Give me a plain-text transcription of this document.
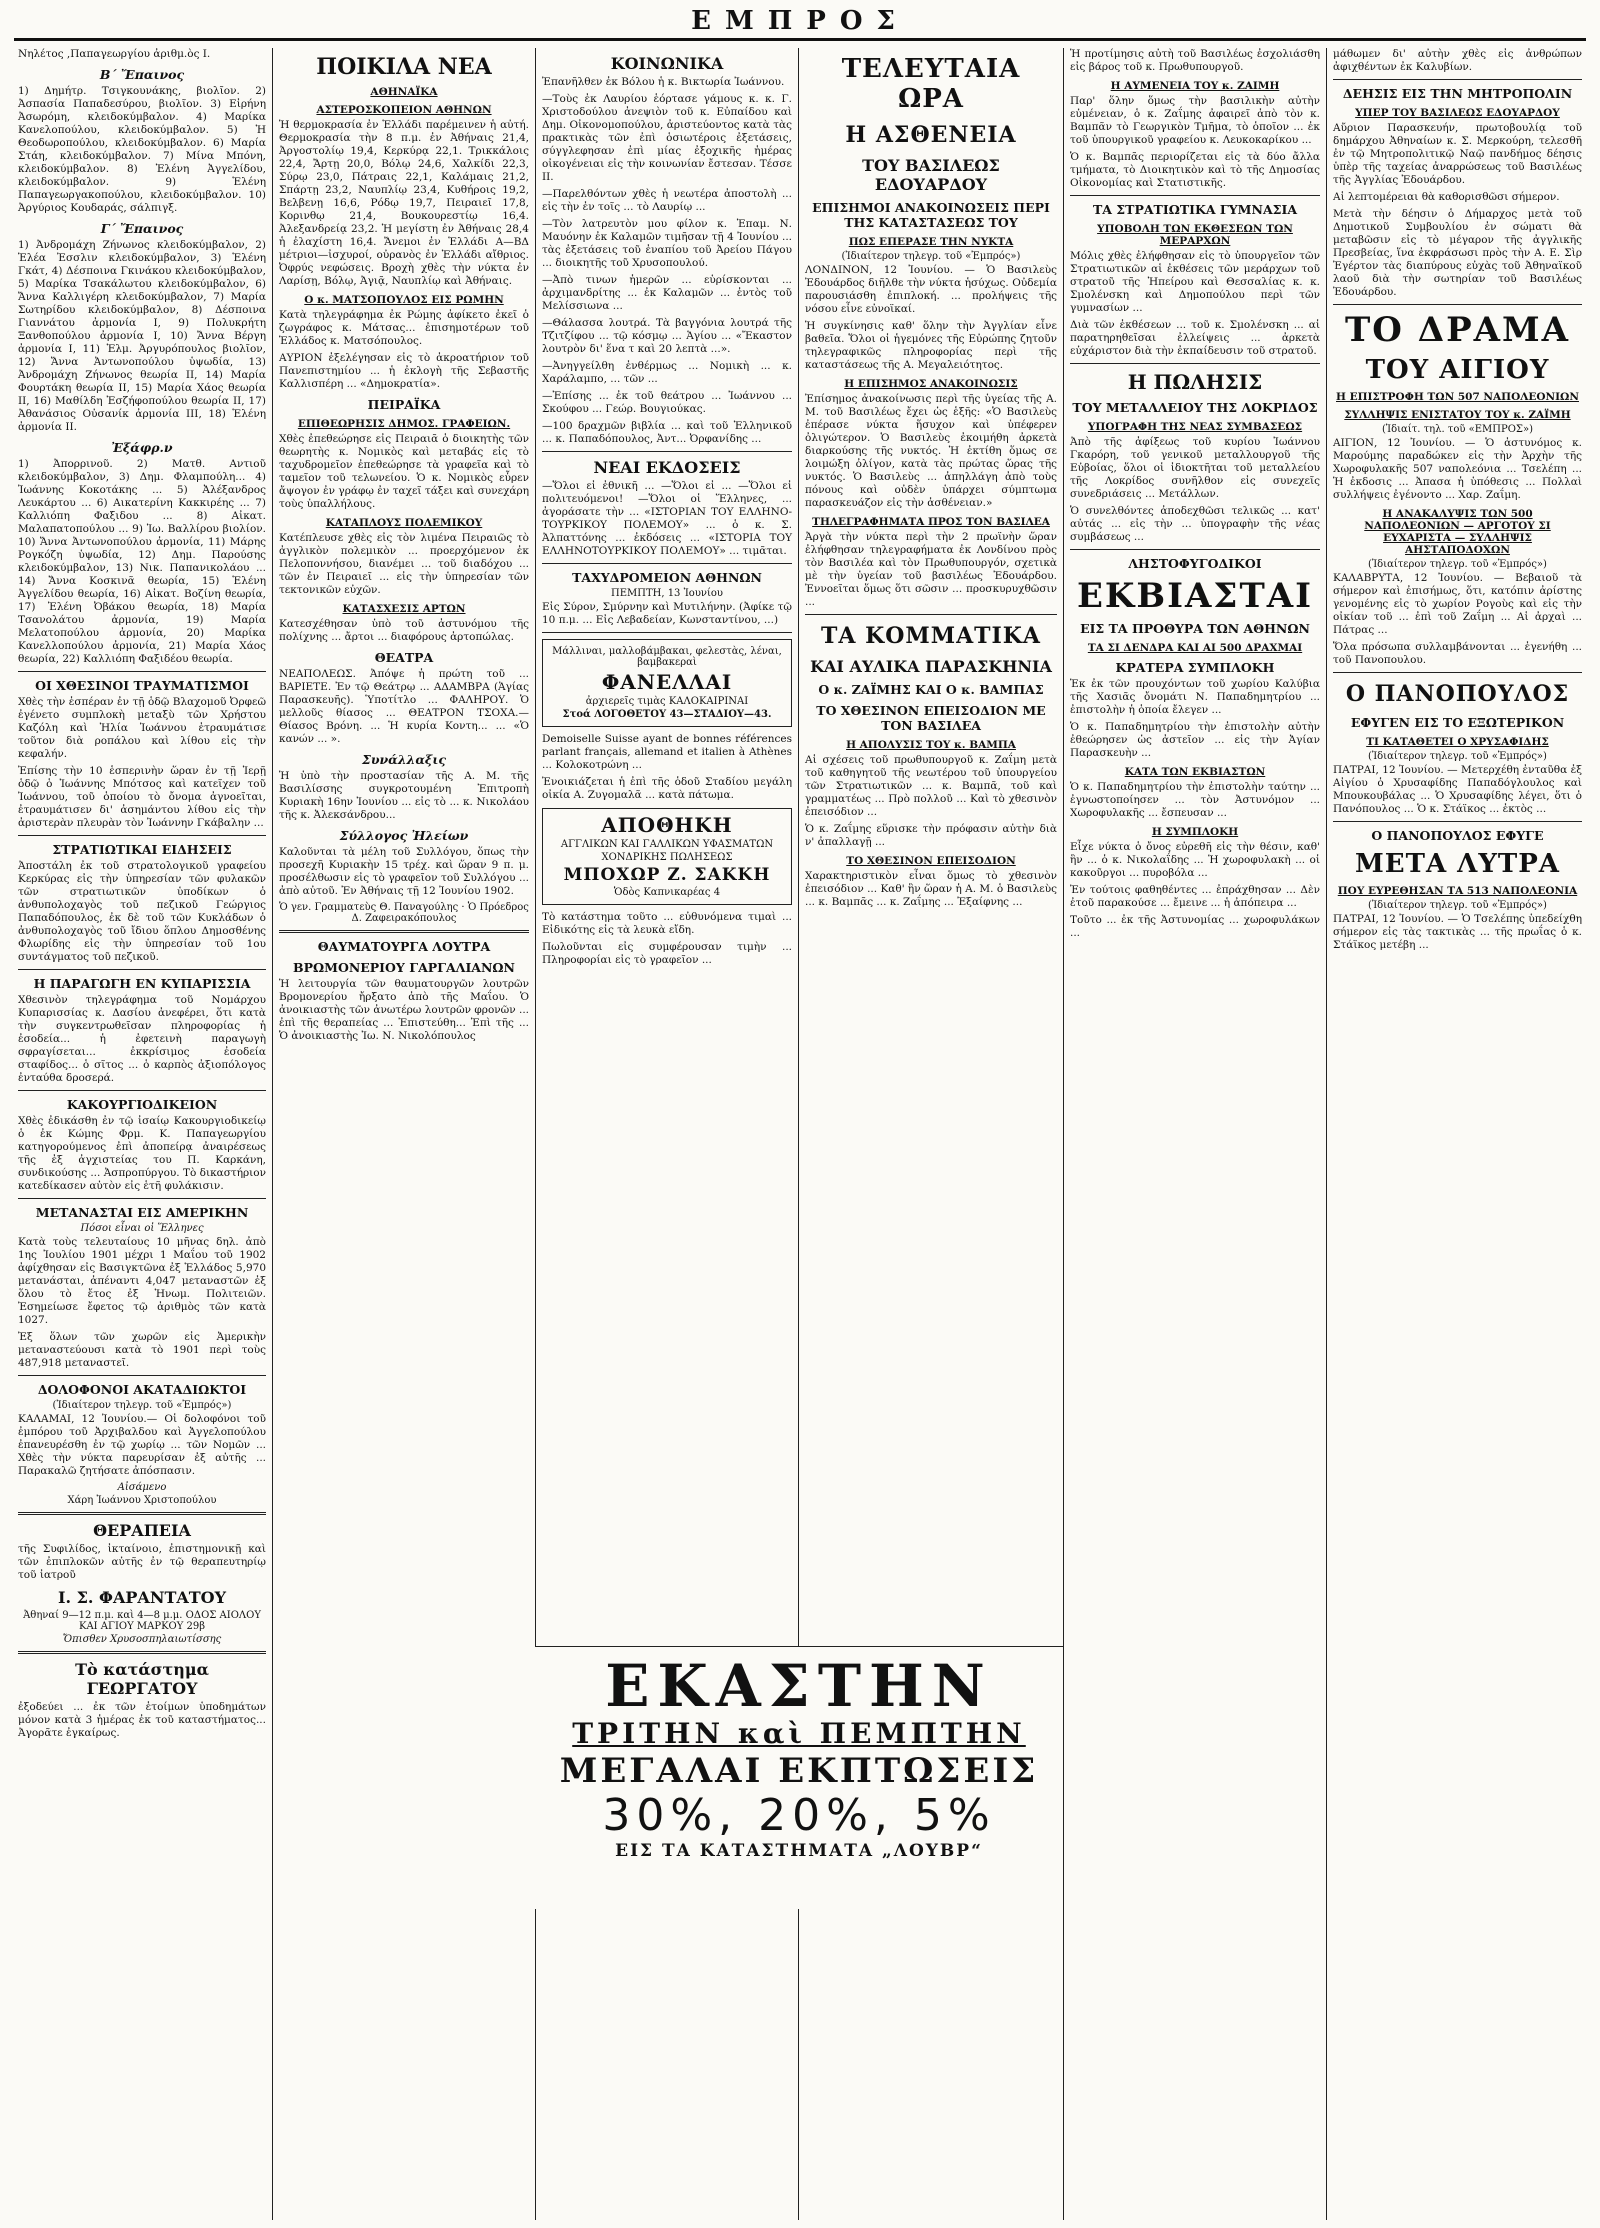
ΕΜΠΡΟΣ

Νηλέτος ,Παπαγεωργίου ἀριθμ.ὸς I.

Β΄ Ἔπαινος

1) Δημήτρ. Τσιγκουνάκης, βιολῖον. 2) Ἀσπασία Παπαδεσύρου, βιολῖον. 3) Εἰρήνη Ἀσωρόμη, κλειδοκύμβαλον. 4) Μαρίκα Κανελοπούλου, κλειδοκύμβαλον. 5) Ἡ Θεοδωροπούλου, κλειδοκύμβαλον. 6) Μαρία Στάη, κλειδοκύμβαλον. 7) Μίνα Μπόνη, κλειδοκύμβαλον. 8) Ἑλένη Ἀγγελίδου, κλειδοκύμβαλον. 9) Ἑλένη Παπαγεωργακοπούλου, κλειδοκύμβαλον. 10) Ἀργύριος Κουδαράς, σάλπιγξ.

Γ΄ Ἔπαινος

1) Ἀνδρομάχη Ζήνωνος κλειδοκύμβαλον, 2) Ἑλέα Ἐσσλιν κλειδοκύμβαλον, 3) Ἑλένη Γκάτ, 4) Δέσποινα Γκινάκου κλειδοκύμβαλον, 5) Μαρίκα Τσακάλωτου κλειδοκύμβαλον, 6) Ἄννα Καλλιγέρη κλειδοκύμβαλον, 7) Μαρία Σωτηρίδου κλειδοκύμβαλον, 8) Δέσποινα Γιαννάτου ἀρμονία I, 9) Πολυκρήτη Ξανθοπούλου ἀρμονία I, 10) Ἄννα Βέργη ἀρμονία I, 11) Ἑλμ. Ἀργυρόπουλος βιολῖον, 12) Ἄννα Ἀντωνοπούλου ὑψωδία, 13) Ἀνδρομάχη Ζήνωνος θεωρία II, 14) Μαρία Φουρτάκη θεωρία II, 15) Μαρία Χάος θεωρία II, 16) Μαθίλδη Ἐσζήφοπούλου θεωρία II, 17) Ἀθανάσιος Οὐσανίκ ἀρμονία III, 18) Ἑλένη ἀρμονία II.

Ἐξάφρ.ν

1) Ἀπορρινοῦ. 2) Ματθ. Αντιοῦ κλειδοκύμβαλον, 3) Δημ. Φλαμπούλη... 4) Ἰωάννης Κοκοτάκης ... 5) Ἀλέξανδρος Λευκάρτου ... 6) Αικατερίνη Κακκιρέης ... 7) Καλλιόπη Φαξιδου ... 8) Αἰκατ. Μαλαπατοπούλου ... 9) Ἰω. Βαλλίρου βιολίον. 10) Ἄννα Ἀντωνοπούλου ἀρμονία, 11) Μάρης Ρογκόζη ὑψωδία, 12) Δημ. Παρούσης κλειδοκύμβαλον, 13) Νικ. Παπανικολάου ... 14) Ἄννα Κοσκινᾶ θεωρία, 15) Ἑλένη Ἀγγελίδου θεωρία, 16) Αἰκατ. Βοζίνη θεωρία, 17) Ἐλένη Ὀβάκου θεωρία, 18) Μαρία Τσανολάτου ἀρμονία, 19) Μαρία Μελατοπούλου ἀρμονία, 20) Μαρίκα Κανελλοπούλου ἀρμονία, 21) Μαρία Χάος θεωρία, 22) Καλλιόπη Φαξιδέου θεωρία.

ΟΙ ΧΘΕΣΙΝΟΙ ΤΡΑΥΜΑΤΙΣΜΟΙ

Χθὲς τὴν ἑσπέραν ἐν τῇ ὁδῷ Βλαχομοῦ Ὀρφεῶ ἐγένετο συμπλοκὴ μεταξὺ τῶν Χρήστου Καζόλη καὶ Ἠλία Ἰωάννου ἐτραυμάτισε τοῦτον διὰ ροπάλου καὶ λίθου εἰς τὴν κεφαλήν.

Ἐπίσης τὴν 10 ἑσπερινὴν ὥραν ἐν τῇ Ἱερῇ ὁδῷ ὁ Ἰωάννης Μπότσος καὶ κατεῖχεν τοῦ Ἰωάννου, τοῦ ὁποίου τὸ ὄνομα ἀγνοεῖται, ἐτραυμάτισεν δι' ἀσημάντου λίθου εἰς τὴν ἀριστερὰν πλευρὰν τὸν Ἰωάννην Γκάβαλην ...

ΣΤΡΑΤΙΩΤΙΚΑΙ ΕΙΔΗΣΕΙΣ

Ἀποστάλη ἐκ τοῦ στρατολογικοῦ γραφείου Κερκύρας εἰς τὴν ὑπηρεσίαν τῶν φυλακῶν τῶν στρατιωτικῶν ὑποδίκων ὁ ἀνθυπολοχαγὸς τοῦ πεζικοῦ Γεώργιος Παπαδόπουλος, ἐκ δὲ τοῦ τῶν Κυκλάδων ὁ ἀνθυπολοχαγὸς τοῦ ἴδιου ὅπλου Δημοσθένης Φλωρίδης εἰς τὴν ὑπηρεσίαν τοῦ 1ου συντάγματος τοῦ πεζικοῦ.

Η ΠΑΡΑΓΩΓΗ ΕΝ ΚΥΠΑΡΙΣΣΙΑ

Χθεσινὸν τηλεγράφημα τοῦ Νομάρχου Κυπαρισσίας κ. Δασίου ἀνεφέρει, ὅτι κατὰ τὴν συγκεντρωθεῖσαν πληροφορίας ἡ ἐσοδεία... ἡ ἐφετεινὴ παραγωγὴ σφραγίσεται... ἐκκρίσιμος ἐσοδεία σταφίδος... ὁ σῖτος ... ὁ καρπὸς ἀξιοπόλογος ἐνταύθα δροσερά.

ΚΑΚΟΥΡΓΙΟΔΙΚΕΙΟΝ

Χθὲς ἐδικάσθη ἐν τῷ ἰσαίῳ Κακουργιοδικείῳ ὁ ἐκ Κώμης Φρμ. Κ. Παπαγεωργίου κατηγορούμενος ἐπὶ ἀποπείρᾳ ἀναιρέσεως τῆς ἐξ ἀγχιστείας του Π. Καρκάνη, συνδικούσης ... Ἀσπροπύργου. Τὸ δικαστήριον κατεδίκασεν αὐτὸν εἰς ἑτῆ φυλάκισιν.

ΜΕΤΑΝΑΣΤΑΙ ΕΙΣ ΑΜΕΡΙΚΗΝ
Πόσοι εἶναι οἱ Ἕλληνες

Κατὰ τοὺς τελευταίους 10 μῆνας δηλ. ἀπὸ 1ης Ἰουλίου 1901 μέχρι 1 Μαΐου τοῦ 1902 ἀφίχθησαν εἰς Βασιγκτῶνα ἐξ Ἑλλάδος 5,970 μετανάσται, ἀπέναντι 4,047 μεταναστῶν ἐξ ὅλου τὸ ἔτος ἐξ Ἡνωμ. Πολιτειῶν. Ἐσημείωσε ἔφετος τῷ ἀριθμὸς τῶν κατὰ 1027.

Ἐξ ὅλων τῶν χωρῶν εἰς Ἀμερικὴν μεταναστεύουσι κατὰ τὸ 1901 περὶ τοὺς 487,918 μεταναστεῖ.

ΔΟΛΟΦΟΝΟΙ ΑΚΑΤΑΔΙΩΚΤΟΙ
(Ἰδιαίτερον τηλεγρ. τοῦ «Ἐμπρός»)

ΚΑΛΑΜΑΙ, 12 Ἰουνίου.— Οἱ δολοφόνοι τοῦ ἐμπόρου τοῦ Ἀρχιβαλδου καὶ Ἀγγελοπούλου ἐπανευρέσθη ἐν τῷ χωρίῳ ... τῶν Νομῶν ... Χθὲς τὴν νύκτα παρευρίσαν ἐξ αὐτῆς ... Παρακαλῶ ζητήσατε ἀπόσπασιν.

Αἰσάμενο
Χάρη Ἰωάννου Χριστοπούλου
ΘΕΡΑΠΕΙΑ

τῆς Συφιλίδος, ἰκταίνοιο, ἐπιστημονικῇ καὶ τῶν ἐπιπλοκῶν αὐτῆς ἐν τῷ θεραπευτηρίῳ τοῦ ἰατροῦ

Ι. Σ. ΦΑΡΑΝΤΑΤΟΥ
Ἀθηναί 9—12 π.μ. καὶ 4—8 μ.μ. ΟΔΟΣ ΑΙΟΛΟΥ ΚΑΙ ΑΓΙΟΥ ΜΑΡΚΟΥ 29β
Ὄπισθεν Χρυσοσπηλαιωτίσσης
Τὸ κατάστημα ΓΕΩΡΓΑΤΟΥ

ἐξοδεύει ... ἐκ τῶν ἑτοίμων ὑποδημάτων μόνον κατὰ 3 ἡμέρας ἐκ τοῦ καταστήματος... Ἀγορᾶτε ἐγκαίρως.

ΠΟΙΚΙΛΑ ΝΕΑ
ΑΘΗΝΑΪΚΑ
ΑΣΤΕΡΟΣΚΟΠΕΙΟΝ ΑΘΗΝΩΝ

Ἡ θερμοκρασία ἐν Ἑλλάδι παρέμεινεν ἡ αὐτή. Θερμοκρασία τὴν 8 π.μ. ἐν Ἀθήναις 21,4, Ἀργοστολίῳ 19,4, Κερκύρᾳ 22,1. Τρικκάλοις 22,4, Ἄρτῃ 20,0, Βόλῳ 24,6, Χαλκίδι 22,3, Σύρῳ 23,0, Πάτραις 22,1, Καλάμαις 21,2, Σπάρτῃ 23,2, Ναυπλίῳ 23,4, Κυθήροις 19,2, Βελβενῃ 16,6, Ρόδῳ 19,7, Πειραιεῖ 17,8, Κορινθῳ 21,4, Βουκουρεστίῳ 16,4. Ἀλεξανδρείᾳ 23,2. Ἡ μεγίστη ἐν Ἀθήναις 28,4 ἡ ἐλαχίστη 16,4. Ἄνεμοι ἐν Ἑλλάδι Α—ΒΔ μέτριοι—ἰσχυροί, οὐρανὸς ἐν Ἑλλάδι αἴθριος. Ὀφρύς νεφώσεις. Βροχὴ χθὲς τὴν νύκτα ἐν Λαρίσῃ, Βόλῳ, Ἀγιᾷ, Ναυπλίῳ καὶ Ἀθήναις.

Ο κ. ΜΑΤΣΟΠΟΥΛΟΣ ΕΙΣ ΡΩΜΗΝ

Κατὰ τηλεγράφημα ἐκ Ρώμης ἀφίκετο ἐκεῖ ὁ ζωγράφος κ. Μάτσας... ἐπισημοτέρων τοῦ Ἑλλάδος κ. Ματσόπουλος.

ΑΥΡΙΟΝ ἐξελέγησαν εἰς τὸ ἀκροατήριον τοῦ Πανεπιστημίου ... ἡ ἐκλογὴ τῆς Σεβαστῆς Καλλισπέρη ... «Δημοκρατία».

ΠΕΙΡΑΪΚΑ
ΕΠΙΘΕΩΡΗΣΙΣ ΔΗΜΟΣ. ΓΡΑΦΕΙΩΝ.

Χθὲς ἐπεθεώρησε εἰς Πειραιᾶ ὁ διοικητὴς τῶν θεωρητὴς κ. Νομικὸς καὶ μεταβάς εἰς τὸ ταχυδρομεῖον ἐπεθεώρησε τὰ γραφεῖα καὶ τὸ ταμεῖον τοῦ τελωνείου. Ὁ κ. Νομικὸς εὗρεν ἄψογον ἐν γράφῳ ἐν ταχεῖ τάξει καὶ συνεχάρη τοὺς ὑπαλλήλους.

ΚΑΤΑΠΛΟΥΣ ΠΟΛΕΜΙΚΟΥ

Κατέπλευσε χθὲς εἰς τὸν λιμένα Πειραιῶς τὸ ἀγγλικὸν πολεμικὸν ... προερχόμενον ἐκ Πελοποννήσου, διανέμει ... τοῦ διαδόχου ... τῶν ἐν Πειραιεῖ ... εἰς τὴν ὑπηρεσίαν τῶν τεκτονικῶν εὐχῶν.

ΚΑΤΑΣΧΕΣΙΣ ΑΡΤΩΝ

Κατεσχέθησαν ὑπὸ τοῦ ἀστυνόμου τῆς πολίχνης ... ἄρτοι ... διαφόρους ἀρτοπώλας.

ΘΕΑΤΡΑ

ΝΕΑΠΟΛΕΩΣ. Ἀπόψε ἡ πρώτη τοῦ ... ΒΑΡΙΕΤΕ. Ἐν τῷ Θεάτρῳ ... ΑΔΑΜΒΡΑ (Ἁγίας Παρασκευῆς). Ὑποτίτλο ... ΦΑΛΗΡΟΥ. Ὁ μελλοῦς θίασος ... ΘΕΑΤΡΟΝ ΤΣΟΧΑ.—Θίασος Βρόνη. ... Ἡ κυρία Κοντη... ... «Ὁ κανών ... ».

Συνάλλαξις

Ἡ ὑπὸ τὴν προστασίαν τῆς Α. Μ. τῆς Βασιλίσσης συγκροτουμένη Ἐπιτροπὴ Κυριακὴ 16ην Ἰουνίου ... εἰς τὸ ... κ. Νικολάου τῆς κ. Ἀλεκσάνδρου...

Σύλλογος Ἠλείων

Καλοῦνται τὰ μέλη τοῦ Συλλόγου, ὅπως τὴν προσεχῆ Κυριακὴν 15 τρέχ. καὶ ὥραν 9 π. μ. προσέλθωσιν εἰς τὸ γραφεῖον τοῦ Συλλόγου ... ἀπὸ αὐτοῦ. Ἐν Ἀθήναις τῇ 12 Ἰουνίου 1902.

Ὁ γεν. Γραμματεὺς Θ. Παναγούλης · Ὁ Πρόεδρος Δ. Ζαφειρακόπουλος
ΘΑΥΜΑΤΟΥΡΓΑ ΛΟΥΤΡΑ
ΒΡΩΜΟΝΕΡΙΟΥ ΓΑΡΓΑΛΙΑΝΩΝ

Ἡ λειτουργία τῶν θαυματουργῶν λουτρῶν Βρομονερίου ἤρξατο ἀπὸ τῆς Μαΐου. Ὁ ἀνοικιαστὴς τῶν ἀνωτέρω λουτρῶν φρονῶν ... ἐπὶ τῆς θεραπείας ... Ἐπιστεύθη... Ἐπὶ τῆς ... Ὁ ἀνοικιαστὴς Ἰω. Ν. Νικολόπουλος

ΚΟΙΝΩΝΙΚΑ

Ἐπανῆλθεν ἐκ Βόλου ἡ κ. Βικτωρία Ἰωάννου.

—Τοὺς ἐκ Λαυρίου ἑόρτασε γάμους κ. κ. Γ. Χριστοδούλου ἀνεψιὸν τοῦ κ. Εὐπαίδου καὶ Δημ. Οἰκονομοπούλου, ἀριστεύοντος κατὰ τὰς πρακτικὰς τῶν ἐπὶ ὁσιωτέροις ἐξετάσεις, σύγγλεφησαν ἐπὶ μίας ἐξοχικῆς ἡμέρας οἰκογένειαι εἰς τὴν κοινωνίαν ἔστεσαν. Τέσσε ΙΙ.

—Παρελθόντων χθὲς ἡ νεωτέρα ἀποστολὴ ... εἰς τὴν ἐν τοῖς ... τὸ Λαυρίῳ ...

—Τὸν λατρευτὸν μου φίλον κ. Ἐπαμ. Ν. Μαυόνην ἐκ Καλαμῶν τιμῆσαν τῇ 4 Ἰουνίου ... τὰς ἐξετάσεις τοῦ ἐναπίου τοῦ Ἀρείου Πάγου ... διοικητῆς τοῦ Χρυσοπουλού.

—Ἀπὸ τινων ἡμερῶν ... εὑρίσκονται ... ἀρχιμανδρίτης ... ἐκ Καλαμῶν ... ἐντὸς τοῦ Μελίσσιωνα ...

—Θάλασσα λουτρά. Τὰ βαγγόνια λουτρά τῆς Τζιτζίφου ... τῷ κόσμῳ ... Ἁγίου ... «Ἔκαστον λουτρὸν δι' ἕνα τ καὶ 20 λεπτὰ ...».

—Ἀνηγγείλθη ἐνθέρμως ... Νομικὴ ... κ. Χαράλαμπο, ... τῶν ...

—Ἐπίσης ... ἐκ τοῦ θεάτρου ... Ἰωάννου ... Σκούφου ... Γεώρ. Βουγιούκας.

—100 δραχμῶν βιβλία ... καὶ τοῦ Ἑλληνικοῦ ... κ. Παπαδόπουλος, Ἀντ... Ὀρφανίδης ...

ΝΕΑΙ ΕΚΔΟΣΕΙΣ

—Ὅλοι εἰ ἐθνικῆ ... —Ὅλοι εἰ ... —Ὅλοι εἰ πολιτευόμενοι! —Ὅλοι οἱ Ἕλληνες, ... ἀγοράσατε τὴν ... «ΙΣΤΟΡΙΑΝ ΤΟΥ ΕΛΛΗΝΟ-ΤΟΥΡΚΙΚΟΥ ΠΟΛΕΜΟΥ» ... ὁ κ. Σ. Ἀλπαττόνης ... ἐκδόσεις ... «ΙΣΤΟΡΙΑ ΤΟΥ ΕΛΛΗΝΟΤΟΥΡΚΙΚΟΥ ΠΟΛΕΜΟΥ» ... τιμᾶται.

ΤΑΧΥΔΡΟΜΕΙΟΝ ΑΘΗΝΩΝ
ΠΕΜΠΤΗ, 13 Ἰουνίου

Εἰς Σύρον, Σμύρνην καὶ Μυτιλήνην. (Ἀφίκε τῷ 10 π.μ. ... Εἰς Λεβαδείαν, Κωνσταντίνου, ...)

Μάλλιναι, μαλλοβάμβακαι, φελεστὰς, λέναι, βαμβακεραὶ
ΦΑΝΕΛΛΑΙ
ἀρχιερεῖς τιμὰς ΚΑΛΟΚΑΙΡΙΝΑΙ
Στοά ΛΟΓΟΘΕΤΟΥ 43—ΣΤΑΔΙΟΥ—43.

Demoiselle Suisse ayant de bonnes références parlant français, allemand et italien à Athènes ... Κολοκοτρώνη ...

Ἐνοικιάζεται ἡ ἐπὶ τῆς ὁδοῦ Σταδίου μεγάλη οἰκία Α. Ζυγομαλᾶ ... κατὰ πάτωμα.

ΑΠΟΘΗΚΗ
ΑΓΓΛΙΚΩΝ ΚΑΙ ΓΑΛΛΙΚΩΝ ΥΦΑΣΜΑΤΩΝ
ΧΟΝΔΡΙΚΗΣ ΠΩΛΗΣΕΩΣ
ΜΠΟΧΩΡ Ζ. ΣΑΚΚΗ
Ὁδὸς Καπνικαρέας 4

Τὸ κατάστημα τοῦτο ... εὐθυνόμενα τιμαὶ ... Εἰδικότης εἰς τὰ λευκὰ εἴδη.

Πωλοῦνται εἰς συμφέρουσαν τιμὴν ... Πληροφορίαι εἰς τὸ γραφεῖον ...

ΤΕΛΕΥΤΑΙΑ ΩΡΑ
Η ΑΣΘΕΝΕΙΑ
ΤΟΥ ΒΑΣΙΛΕΩΣ ΕΔΟΥΑΡΔΟΥ
ΕΠΙΣΗΜΟΙ ΑΝΑΚΟΙΝΩΣΕΙΣ ΠΕΡΙ ΤΗΣ ΚΑΤΑΣΤΑΣΕΩΣ ΤΟΥ
ΠΩΣ ΕΠΕΡΑΣΕ ΤΗΝ ΝΥΚΤΑ
(Ἰδιαίτερον τηλεγρ. τοῦ «Ἐμπρός»)

ΛΟΝΔΙΝΟΝ, 12 Ἰουνίου. — Ὁ Βασιλεὺς Ἐδουάρδος διῆλθε τὴν νύκτα ἡσύχως. Οὐδεμία παρουσιάσθη ἐπιπλοκή. ... προλήψεις τῆς νόσου εἶνε εὐνοϊκαί.

Ἡ συγκίνησις καθ' ὅλην τὴν Ἀγγλίαν εἶνε βαθεῖα. Ὅλοι οἱ ἡγεμόνες τῆς Εὐρώπης ζητοῦν τηλεγραφικῶς πληροφορίας περὶ τῆς καταστάσεως τῆς Α. Μεγαλειότητος.

Η ΕΠΙΣΗΜΟΣ ΑΝΑΚΟΙΝΩΣΙΣ

Ἐπίσημος ἀνακοίνωσις περὶ τῆς ὑγείας τῆς Α. Μ. τοῦ Βασιλέως ἔχει ὡς ἑξῆς: «Ὁ Βασιλεὺς ἐπέρασε νύκτα ἥσυχον καὶ ὑπέφερεν ὀλιγώτερον. Ὁ Βασιλεὺς ἐκοιμήθη ἀρκετὰ διαρκούσης τῆς νυκτός. Ἡ ἐκτίθη ὅμως σε λοιμώξη ὀλίγον, κατὰ τὰς πρώτας ὥρας τῆς νυκτός. Ὁ Βασιλεὺς ... ἀπηλλάγη ἀπὸ τοὺς πόνους καὶ οὐδὲν ὑπάρχει σύμπτωμα παρασκευάζον εἰς τὴν ἀσθένειαν.»

ΤΗΛΕΓΡΑΦΗΜΑΤΑ ΠΡΟΣ ΤΟΝ ΒΑΣΙΛΕΑ

Ἀργὰ τὴν νύκτα περὶ τὴν 2 πρωϊνὴν ὥραν ἐλήφθησαν τηλεγραφήματα ἐκ Λονδίνου πρὸς τὸν Βασιλέα καὶ τὸν Πρωθυπουργόν, σχετικὰ μὲ τὴν ὑγείαν τοῦ βασιλέως Ἐδουάρδου. Ἐννοεῖται ὅμως ὅτι σῶσιν ... προσκυρυχθῶσιν ...

ΤΑ ΚΟΜΜΑΤΙΚΑ
ΚΑΙ ΑΥΛΙΚΑ ΠΑΡΑΣΚΗΝΙΑ
Ο κ. ΖΑΪΜΗΣ ΚΑΙ Ο κ. ΒΑΜΠΑΣ
ΤΟ ΧΘΕΣΙΝΟΝ ΕΠΕΙΣΟΔΙΟΝ ΜΕ ΤΟΝ ΒΑΣΙΛΕΑ
Η ΑΠΟΛΥΣΙΣ ΤΟΥ κ. ΒΑΜΠΑ

Αἱ σχέσεις τοῦ πρωθυπουργοῦ κ. Ζαΐμη μετὰ τοῦ καθηγητοῦ τῆς νεωτέρου τοῦ ὑπουργείου τῶν Στρατιωτικῶν ... κ. Βαμπᾶ, τοῦ καὶ γραμματέως ... Πρὸ πολλοῦ ... Καὶ τὸ χθεσινὸν ἐπεισόδιον ...

Ὁ κ. Ζαΐμης εὕρισκε τὴν πρόφασιν αὐτὴν διὰ ν' ἀπαλλαγῇ ...

ΤΟ ΧΘΕΣΙΝΟΝ ΕΠΕΙΣΟΔΙΟΝ

Χαρακτηριστικὸν εἶναι ὅμως τὸ χθεσινὸν ἐπεισόδιον ... Καθ' ἣν ὥραν ἡ Α. Μ. ὁ Βασιλεὺς ... κ. Βαμπᾶς ... κ. Ζαΐμης ... Ἐξαίφνης ...

Ἡ προτίμησις αὐτὴ τοῦ Βασιλέως ἐσχολιάσθη εἰς βάρος τοῦ κ. Πρωθυπουργοῦ.

Η ΑΥΜΕΝΕΙΑ ΤΟΥ κ. ΖΑΙΜΗ

Παρ' ὅλην ὅμως τὴν βασιλικὴν αὐτὴν εὐμένειαν, ὁ κ. Ζαΐμης ἀφαιρεῖ ἀπὸ τὸν κ. Βαμπᾶν τὸ Γεωργικὸν Τμῆμα, τὸ ὁποῖον ... ἐκ τοῦ ὑπουργικοῦ γραφείου κ. Λευκοκαρίκου ...

Ὁ κ. Βαμπᾶς περιορίζεται εἰς τὰ δύο ἄλλα τμήματα, τὸ Διοικητικὸν καὶ τὸ τῆς Δημοσίας Οἰκονομίας καὶ Στατιστικῆς.

ΤΑ ΣΤΡΑΤΙΩΤΙΚΑ ΓΥΜΝΑΣΙΑ
ΥΠΟΒΟΛΗ ΤΩΝ ΕΚΘΕΣΕΩΝ ΤΩΝ ΜΕΡΑΡΧΩΝ

Μόλις χθὲς ἐλήφθησαν εἰς τὸ ὑπουργεῖον τῶν Στρατιωτικῶν αἱ ἐκθέσεις τῶν μεράρχων τοῦ στρατοῦ τῆς Ἠπείρου καὶ Θεσσαλίας κ. κ. Σμολένσκη καὶ Δημοπούλου περὶ τῶν γυμνασίων ...

Διὰ τῶν ἐκθέσεων ... τοῦ κ. Σμολένσκη ... αἱ παρατηρηθεῖσαι ἐλλείψεις ... ἀρκετὰ εὐχάριστον διὰ τὴν ἐκπαίδευσιν τοῦ στρατοῦ.

Η ΠΩΛΗΣΙΣ
ΤΟΥ ΜΕΤΑΛΛΕΙΟΥ ΤΗΣ ΛΟΚΡΙΔΟΣ
ΥΠΟΓΡΑΦΗ ΤΗΣ ΝΕΑΣ ΣΥΜΒΑΣΕΩΣ

Ἀπὸ τῆς ἀφίξεως τοῦ κυρίου Ἰωάννου Γκαρόρη, τοῦ γενικοῦ μεταλλουργοῦ τῆς Εὐβοίας, ὅλοι οἱ ἰδιοκτῆται τοῦ μεταλλείου τῆς Λοκρίδος συνῆλθον εἰς συνεχεῖς συνεδριάσεις ... Μετάλλων.

Ὁ συνελθόντες ἀποδεχθῶσι τελικῶς ... κατ' αὐτάς ... εἰς τὴν ... ὑπογραφὴν τῆς νέας συμβάσεως ...

ΛΗΣΤΟΦΥΓΟΔΙΚΟΙ
ΕΚΒΙΑΣΤΑΙ
ΕΙΣ ΤΑ ΠΡΟΘΥΡΑ ΤΩΝ ΑΘΗΝΩΝ
ΤΑ ΣΙ ΔΕΝΔΡΑ ΚΑΙ ΑΙ 500 ΔΡΑΧΜΑΙ
ΚΡΑΤΕΡΑ ΣΥΜΠΛΟΚΗ

Ἑκ ἐκ τῶν προυχόντων τοῦ χωρίου Καλύβια τῆς Χασιᾶς ὄνομάτι Ν. Παπαδημητρίου ... ἐπιστολὴν ἡ ὁποία ἔλεγεν ...

Ὁ κ. Παπαδημητρίου τὴν ἐπιστολὴν αὐτὴν ἐθεώρησεν ὡς ἀστεῖον ... εἰς τὴν Ἀγίαν Παρασκευὴν ...

ΚΑΤΑ ΤΩΝ ΕΚΒΙΑΣΤΩΝ

Ὁ κ. Παπαδημητρίου τὴν ἐπιστολὴν ταύτην ... ἐγνωστοποίησεν ... τὸν Ἀστυνόμον ... Χωροφυλακῆς ... ἔσπευσαν ...

Η ΣΥΜΠΛΟΚΗ

Εἶχε νύκτα ὁ ὄνος εὐρεθῆ εἰς τὴν θέσιν, καθ' ἣν ... ὁ κ. Νικολαΐδης ... Ἡ χωροφυλακὴ ... οἱ κακοῦργοι ... πυροβόλα ...

Ἐν τούτοις φαθηθέντες ... ἐπράχθησαν ... Δὲν ἐτοῦ παρακούσε ... ἔμεινε ... ἡ ἀπόπειρα ...

Τοῦτο ... ἐκ τῆς Ἀστυνομίας ... χωροφυλάκων ...

μάθωμεν δι' αὐτὴν χθὲς εἰς ἀνθρώπων ἀφιχθέντων ἐκ Καλυβίων.

ΔΕΗΣΙΣ ΕΙΣ ΤΗΝ ΜΗΤΡΟΠΟΛΙΝ
ΥΠΕΡ ΤΟΥ ΒΑΣΙΛΕΩΣ ΕΔΟΥΑΡΔΟΥ

Αὔριον Παρασκευήν, πρωτοβουλίᾳ τοῦ δημάρχου Ἀθηναίων κ. Σ. Μερκούρη, τελεσθῆ ἐν τῷ Μητροπολιτικῷ Ναῷ πανδήμος δέησις ὑπὲρ τῆς ταχείας ἀναρρώσεως τοῦ Βασιλέως τῆς Ἀγγλίας Ἐδουάρδου.

Αἱ λεπτομέρειαι θὰ καθορισθῶσι σήμερον.

Μετὰ τὴν δέησιν ὁ Δήμαρχος μετὰ τοῦ Δημοτικοῦ Συμβουλίου ἐν σώματι θὰ μεταβῶσιν εἰς τὸ μέγαρον τῆς ἀγγλικῆς Πρεσβείας, ἵνα ἐκφράσωσι πρὸς τὴν Α. Ε. Σὶρ Ἐγέρτον τὰς διαπύρους εὐχὰς τοῦ Ἀθηναϊκοῦ λαοῦ διὰ τὴν σωτηρίαν τοῦ Βασιλέως Ἐδουάρδου.

ΤΟ ΔΡΑΜΑ
ΤΟΥ ΑΙΓΙΟΥ
Η ΕΠΙΣΤΡΟΦΗ ΤΩΝ 507 ΝΑΠΟΛΕΟΝΙΩΝ
ΣΥΛΛΗΨΙΣ ΕΝΙΣΤΑΤΟΥ ΤΟΥ κ. ΖΑΪΜΗ
(Ἰδιαίτ. τηλ. τοῦ «ΕΜΠΡΟΣ»)

ΑΙΓΙΟΝ, 12 Ἰουνίου. — Ὁ ἀστυνόμος κ. Μαρούμης παραδώκεν εἰς τὴν Ἀρχὴν τῆς Χωροφυλακῆς 507 ναπολεόνια ... Τσελέπη ... Ἡ ἐκδοσις ... Ἀπασα ἡ ὑπόθεσις ... Πολλαὶ συλλήψεις ἐγένοντο ... Χαρ. Ζαΐμη.

Η ΑΝΑΚΑΛΥΨΙΣ ΤΩΝ 500 ΝΑΠΟΛΕΟΝΙΩΝ — ΑΡΓΟΤΟΥ ΣΙ ΕΥΧΑΡΙΣΤΑ — ΣΥΛΛΗΨΙΣ ΑΗΣΤΑΠΟΔΟΧΩΝ
(Ἰδιαίτερον τηλεγρ. τοῦ «Ἐμπρός»)

ΚΑΛΑΒΡΥΤΑ, 12 Ἰουνίου. — Βεβαιοῦ τὰ σήμερον καὶ ἐπισήμως, ὅτι, κατόπιν ἀρίστης γενομένης εἰς τὸ χωρίον Ρογοὺς καὶ εἰς τὴν οἰκίαν τοῦ ... ἐπὶ τοῦ Ζαΐμη ... Αἱ ἀρχαὶ ... Πάτρας ...

Ὅλα πρόσωπα συλλαμβάνονται ... ἐγενήθη ... τοῦ Πανοπουλου.

Ο ΠΑΝΟΠΟΥΛΟΣ
ΕΦΥΓΕΝ ΕΙΣ ΤΟ ΕΞΩΤΕΡΙΚΟΝ
ΤΙ ΚΑΤΑΘΕΤΕΙ Ο ΧΡΥΣΑΦΙΔΗΣ
(Ἰδιαίτερον τηλεγρ. τοῦ «Ἐμπρός»)

ΠΑΤΡΑΙ, 12 Ἰουνίου. — Μετερχέθη ἐνταῦθα ἐξ Αἰγίου ὁ Χρυσαφίδης Παπαδόγλουλος καὶ Μπουκουβάλας ... Ὁ Χρυσαφίδης λέγει, ὅτι ὁ Πανόπουλος ... Ὁ κ. Στάϊκος ... ἐκτὸς ...

Ο ΠΑΝΟΠΟΥΛΟΣ ΕΦΥΓΕ
ΜΕΤΑ ΛΥΤΡΑ
ΠΟΥ ΕΥΡΕΘΗΣΑΝ ΤΑ 513 ΝΑΠΟΛΕΟΝΙΑ
(Ἰδιαίτερον τηλεγρ. τοῦ «Ἐμπρός»)

ΠΑΤΡΑΙ, 12 Ἰουνίου. — Ὁ Τσελέπης ὑπεδείχθη σήμερον εἰς τὰς τακτικὰς ... τῆς πρωΐας ὁ κ. Στάϊκος μετέβη ...

ΕΚΑΣΤΗΝ
ΤΡΙΤΗΝ καὶ ΠΕΜΠΤΗΝ
ΜΕΓΑΛΑΙ ΕΚΠΤΩΣΕΙΣ
30%, 20%, 5%
ΕΙΣ ΤΑ ΚΑΤΑΣΤΗΜΑΤΑ „ΛΟΥΒΡ“
